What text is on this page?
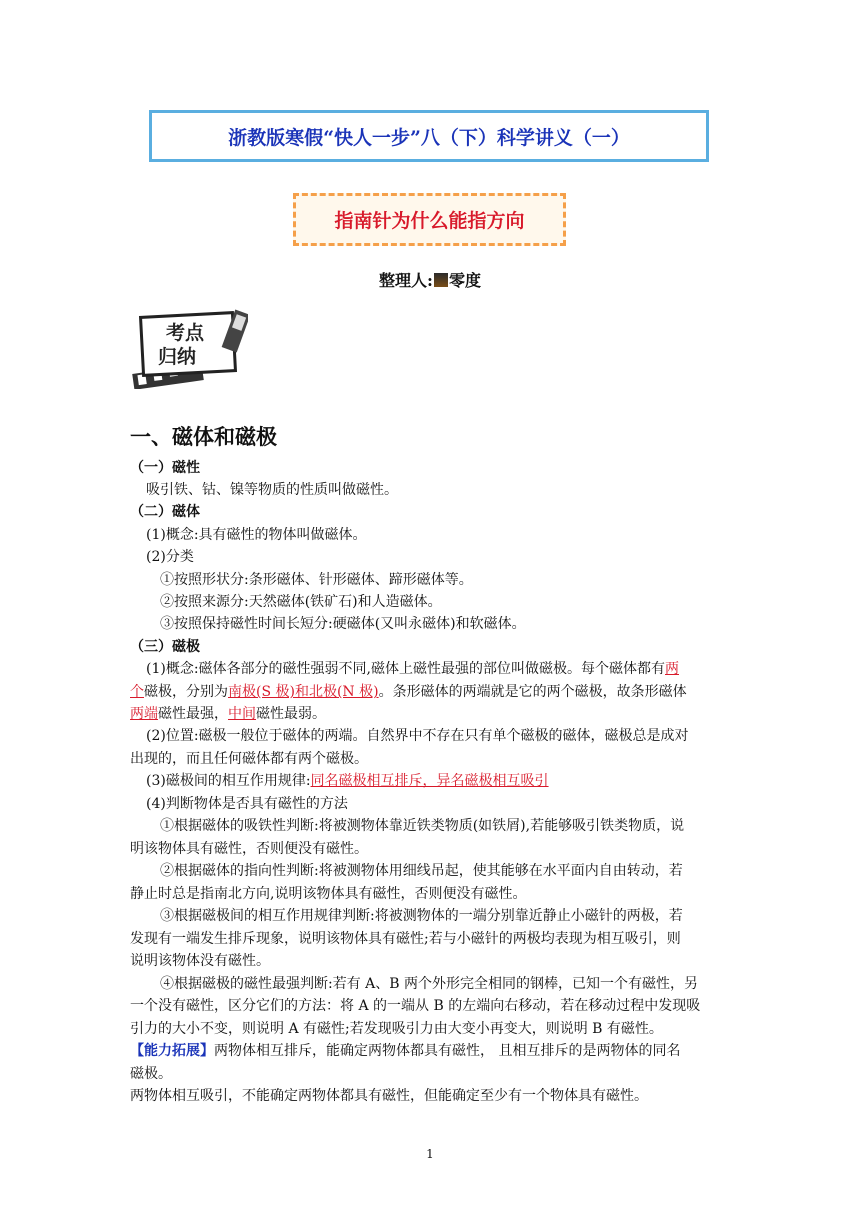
浙教版寒假“快人一步”八（下）科学讲义（一）
指南针为什么能指方向
整理人: 零度
考点
归纳
一、磁体和磁极
（一）磁性
吸引铁、钴、镍等物质的性质叫做磁性。
（二）磁体
(1)概念:具有磁性的物体叫做磁体。
(2)分类
①按照形状分:条形磁体、针形磁体、蹄形磁体等。
②按照来源分:天然磁体(铁矿石)和人造磁体。
③按照保持磁性时间长短分:硬磁体(又叫永磁体)和软磁体。
（三）磁极
(1)概念:磁体各部分的磁性强弱不同,磁体上磁性最强的部位叫做磁极。每个磁体都有两
个磁极，分别为南极(S 极)和北极(N 极)。条形磁体的两端就是它的两个磁极，故条形磁体
两端磁性最强，中间磁性最弱。
(2)位置:磁极一般位于磁体的两端。自然界中不存在只有单个磁极的磁体，磁极总是成对
出现的，而且任何磁体都有两个磁极。
(3)磁极间的相互作用规律:同名磁极相互排斥，异名磁极相互吸引
(4)判断物体是否具有磁性的方法
①根据磁体的吸铁性判断:将被测物体靠近铁类物质(如铁屑),若能够吸引铁类物质，说
明该物体具有磁性，否则便没有磁性。
②根据磁体的指向性判断:将被测物体用细线吊起，使其能够在水平面内自由转动，若
静止时总是指南北方向,说明该物体具有磁性，否则便没有磁性。
③根据磁极间的相互作用规律判断:将被测物体的一端分别靠近静止小磁针的两极，若
发现有一端发生排斥现象，说明该物体具有磁性;若与小磁针的两极均表现为相互吸引，则
说明该物体没有磁性。
④根据磁极的磁性最强判断:若有 A、B 两个外形完全相同的钢棒，已知一个有磁性，另
一个没有磁性，区分它们的方法：将 A 的一端从 B 的左端向右移动，若在移动过程中发现吸
引力的大小不变，则说明 A 有磁性;若发现吸引力由大变小再变大，则说明 B 有磁性。
【能力拓展】两物体相互排斥，能确定两物体都具有磁性， 且相互排斥的是两物体的同名
磁极。
两物体相互吸引，不能确定两物体都具有磁性，但能确定至少有一个物体具有磁性。
1
